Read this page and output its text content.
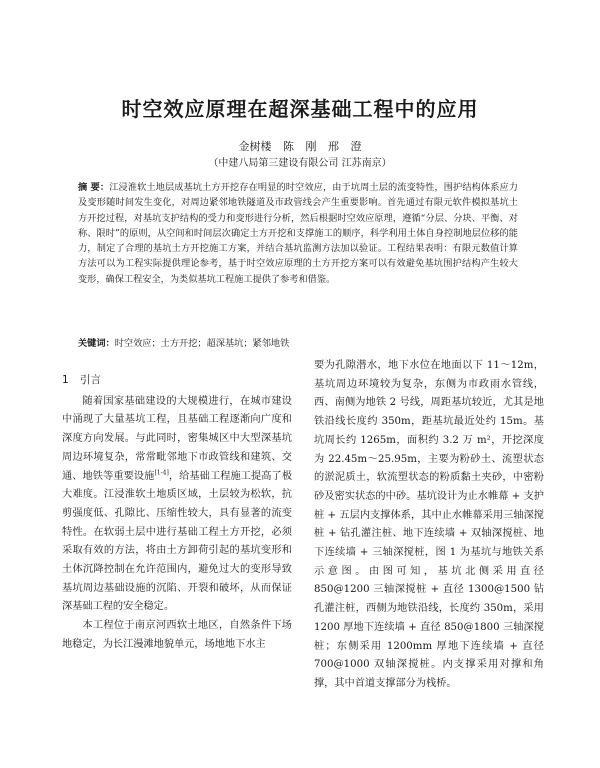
时空效应原理在超深基础工程中的应用
金树楼 陈 刚 邢 澄
（中建八局第三建设有限公司 江苏南京）
摘 要：江浸淮软土地层成基坑土方开挖存在明显的时空效应，由于坑周土层的流变特性，围护结构体系应力及变形随时间发生变化，对周边紧邻地铁隧道及市政管线会产生重要影响。首先通过有限元软件模拟基坑土方开挖过程，对基坑支护结构的受力和变形进行分析，然后根据时空效应原理，遵循“分层、分块、平衡、对称、限时”的原则，从空间和时间层次确定土方开挖和支撑施工的顺序，科学利用土体自身控制地层位移的能力，制定了合理的基坑土方开挖施工方案，并结合基坑监测方法加以验证。工程结果表明：有限元数值计算方法可以为工程实际提供理论参考，基于时空效应原理的土方开挖方案可以有效避免基坑围护结构产生较大变形，确保工程安全，为类似基坑工程施工提供了参考和借鉴。
关键词：时空效应；土方开挖；超深基坑；紧邻地铁
1 引言

随着国家基础建设的大规模进行，在城市建设中涌现了大量基坑工程，且基础工程逐渐向广度和深度方向发展。与此同时，密集城区中大型深基坑周边环境复杂，常常毗邻地下市政管线和建筑、交通、地铁等重要设施[1-4]，给基础工程施工提高了极大难度。江浸淮软土地质区域，土层较为松软，抗剪强度低、孔隙比、压缩性较大，具有显著的流变特性。在软弱土层中进行基础工程土方开挖，必须采取有效的方法，将由土方卸荷引起的基坑变形和土体沉降控制在允许范围内，避免过大的变形导致基坑周边基础设施的沉陷、开裂和破坏，从而保证深基础工程的安全稳定。

本工程位于南京河西软土地区，自然条件下场地稳定，为长江漫滩地貌单元，场地地下水主

要为孔隙潜水，地下水位在地面以下 11～12m，基坑周边环境较为复杂，东侧为市政雨水管线，西、南侧为地铁 2 号线，周距基坑较近，尤其是地铁沿线长度约 350m，距基坑最近处约 15m。基坑周长约 1265m，面积约 3.2 万 m²，开挖深度为 22.45m～25.95m，主要为粉砂土、流塑状态的淤泥质土，软流塑状态的粉质黏土夹砂，中密粉砂及密实状态的中砂。基坑设计为止水帷幕 + 支护桩 + 五层内支撑体系，其中止水帷幕采用三轴深搅桩 + 钻孔灌注桩、地下连续墙 + 双轴深搅桩、地下连续墙 + 三轴深搅桩，图 1 为基坑与地铁关系示意图。由图可知，基坑北侧采用直径 850@1200 三轴深搅桩 + 直径 1300@1500 钻孔灌注桩，西侧为地铁沿线，长度约 350m，采用 1200 厚地下连续墙 + 直径 850@1800 三轴深搅桩；东侧采用 1200mm 厚地下连续墙 + 直径 700@1000 双轴深搅桩。内支撑采用对撑和角撑，其中首道支撑部分为栈桥。
